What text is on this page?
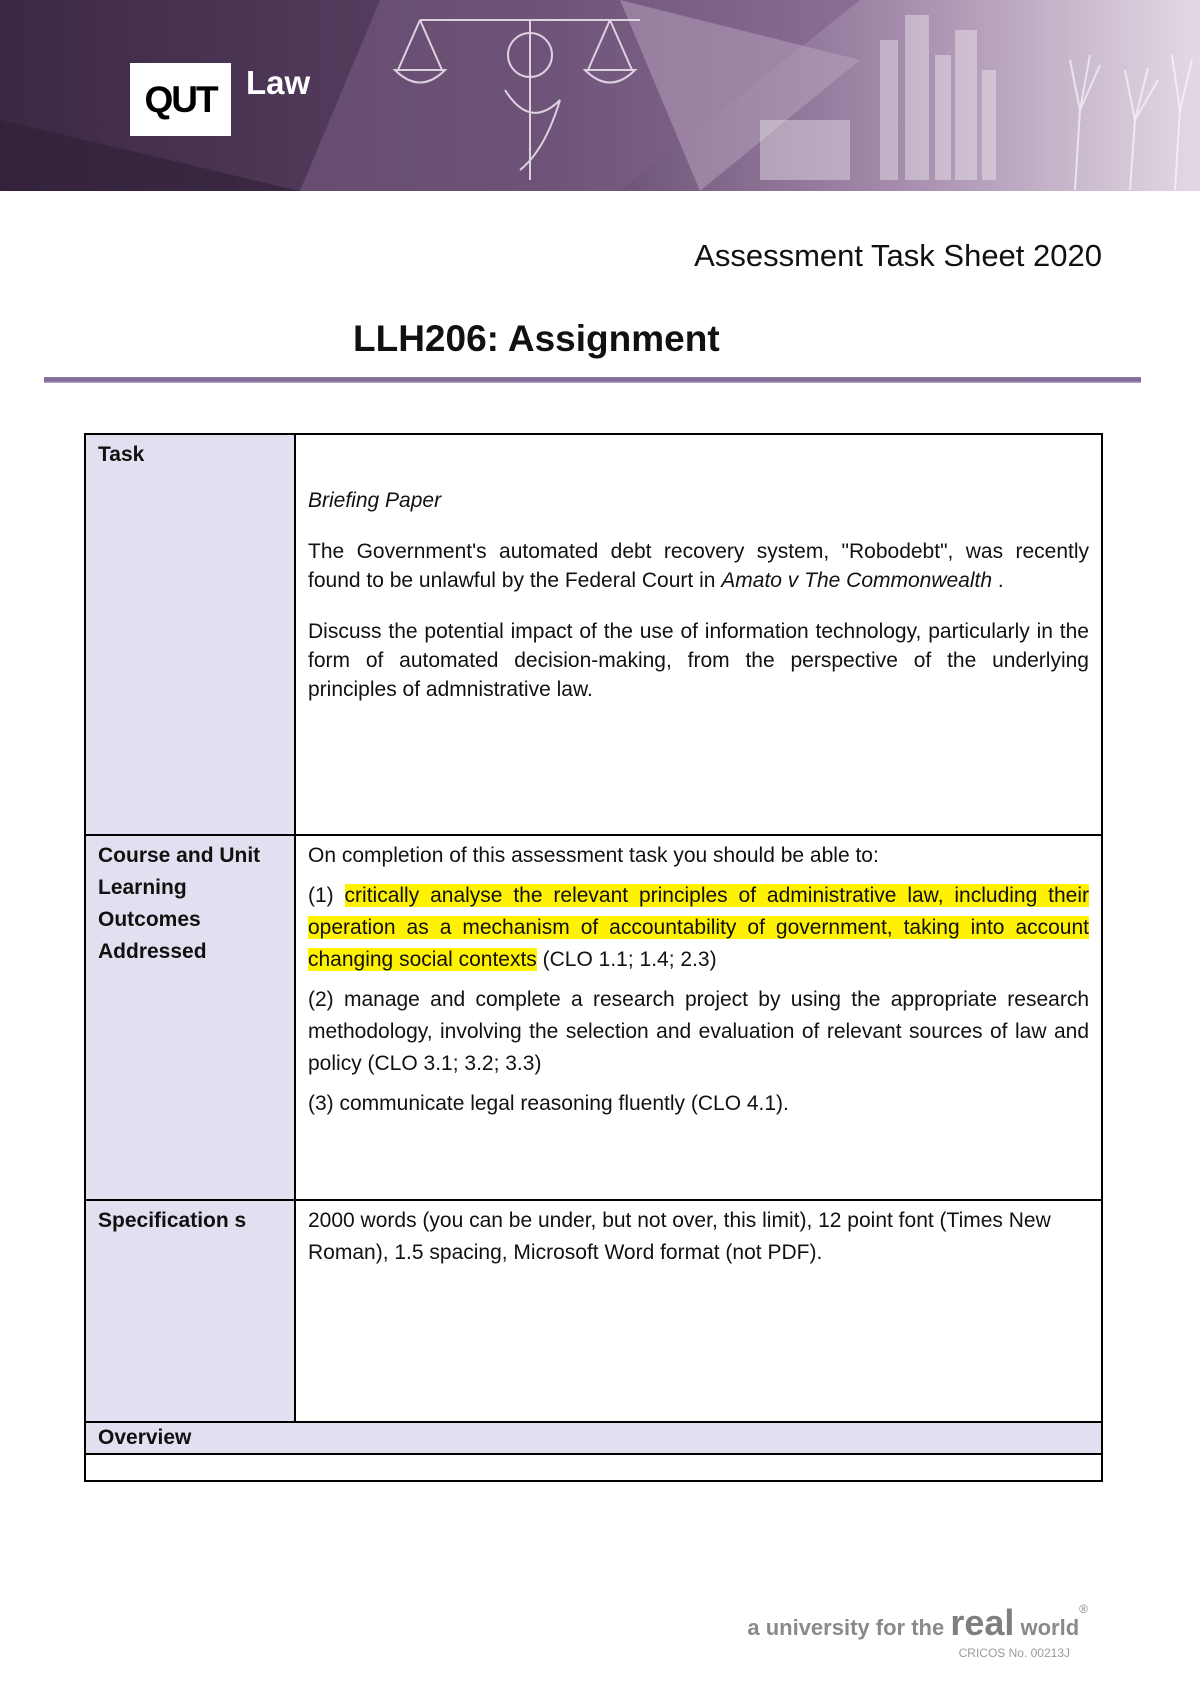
QUT Law
Assessment Task Sheet 2020
LLH206: Assignment
Task	Briefing Paper

The Government's automated debt recovery system, "Robodebt", was recently found to be unlawful by the Federal Court in Amato v The Commonwealth .

Discuss the potential impact of the use of information technology, particularly in the form of automated decision-making, from the perspective of the underlying principles of admnistrative law.

Course and Unit Learning Outcomes Addressed	On completion of this assessment task you should be able to:

(1) critically analyse the relevant principles of administrative law, including their operation as a mechanism of accountability of government, taking into account changing social contexts (CLO 1.1; 1.4; 2.3)

(2) manage and complete a research project by using the appropriate research methodology, involving the selection and evaluation of relevant sources of law and policy (CLO 3.1; 3.2; 3.3)

(3) communicate legal reasoning fluently (CLO 4.1).

Specification s	2000 words (you can be under, but not over, this limit), 12 point font (Times New Roman), 1.5 spacing, Microsoft Word format (not PDF).

Overview	

a university for the real world®
CRICOS No. 00213J
